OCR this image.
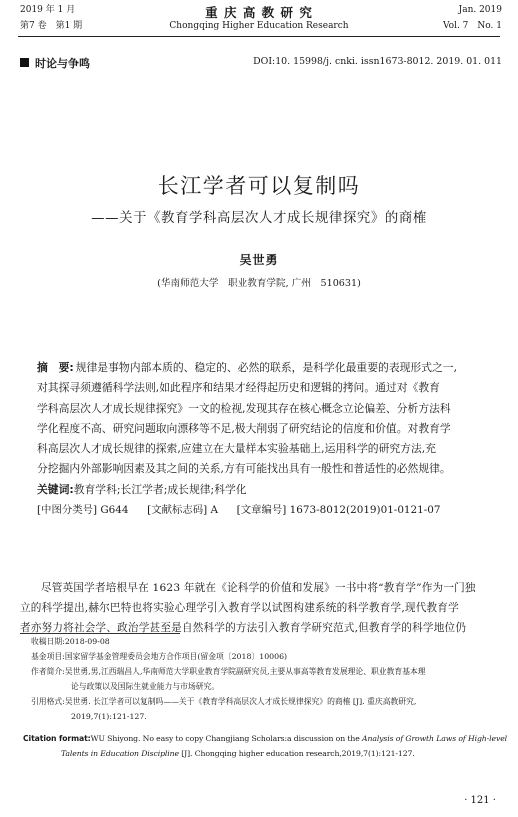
2019 年 1 月
第7 卷　第1 期
重 庆 高 教 研 究
Chongqing Higher Education Research
Jan. 2019
Vol. 7　No. 1
时论与争鸣	DOI:10. 15998/j. cnki. issn1673-8012. 2019. 01. 011
长江学者可以复制吗
——关于《教育学科高层次人才成长规律探究》的商榷
吴世勇
(华南师范大学　职业教育学院, 广州　510631)
摘　要: 规律是事物内部本质的、稳定的、必然的联系，是科学化最重要的表现形式之一,
对其探寻须遵循科学法则,如此程序和结果才经得起历史和逻辑的拷问。通过对《教育
学科高层次人才成长规律探究》一文的检视,发现其存在核心概念立论偏差、分析方法科
学化程度不高、研究问题取向漂移等不足,极大削弱了研究结论的信度和价值。对教育学
科高层次人才成长规律的探索,应建立在大量样本实验基础上,运用科学的研究方法,充
分挖掘内外部影响因素及其之间的关系,方有可能找出具有一般性和普适性的必然规律。
关键词:教育学科;长江学者;成长规律;科学化
[中图分类号] G644 [文献标志码] A [文章编号] 1673-8012(2019)01-0121-07
尽管英国学者培根早在 1623 年就在《论科学的价值和发展》一书中将“教育学”作为一门独
立的科学提出,赫尔巴特也将实验心理学引入教育学以试图构建系统的科学教育学,现代教育学
者亦努力将社会学、政治学甚至是自然科学的方法引入教育学研究范式,但教育学的科学地位仍
收稿日期:2018-09-08
基金项目:国家留学基金管理委员会地方合作项目(留金项〔2018〕10006)
作者简介:吴世勇,男,江西瑞昌人,华南师范大学职业教育学院副研究员,主要从事高等教育发展理论、职业教育基本理
论与政策以及国际生就业能力与市场研究。
引用格式:吴世勇. 长江学者可以复制吗——关于《教育学科高层次人才成长规律探究》的商榷 [J]. 重庆高教研究,
2019,7(1):121-127.
Citation format:WU Shiyong. No easy to copy Changjiang Scholars:a discussion on the Analysis of Growth Laws of High-level
Talents in Education Discipline [J]. Chongqing higher education research,2019,7(1):121-127.
· 121 ·
